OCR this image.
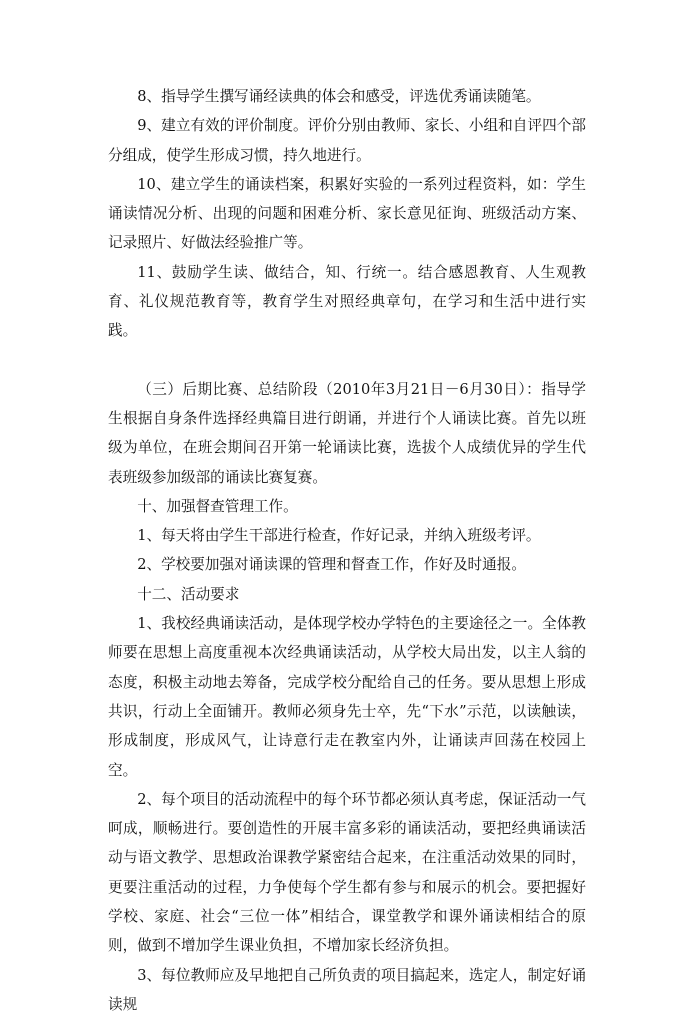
8、指导学生撰写诵经读典的体会和感受，评选优秀诵读随笔。

9、建立有效的评价制度。评价分别由教师、家长、小组和自评四个部分组成，使学生形成习惯，持久地进行。

10、建立学生的诵读档案，积累好实验的一系列过程资料，如：学生诵读情况分析、出现的问题和困难分析、家长意见征询、班级活动方案、记录照片、好做法经验推广等。

11、鼓励学生读、做结合，知、行统一。结合感恩教育、人生观教育、礼仪规范教育等，教育学生对照经典章句，在学习和生活中进行实践。

（三）后期比赛、总结阶段（2010年3月21日－6月30日）：指导学生根据自身条件选择经典篇目进行朗诵，并进行个人诵读比赛。首先以班级为单位，在班会期间召开第一轮诵读比赛，选拔个人成绩优异的学生代表班级参加级部的诵读比赛复赛。

十、加强督查管理工作。

1、每天将由学生干部进行检查，作好记录，并纳入班级考评。

2、学校要加强对诵读课的管理和督查工作，作好及时通报。

十二、活动要求

1、我校经典诵读活动，是体现学校办学特色的主要途径之一。全体教师要在思想上高度重视本次经典诵读活动，从学校大局出发，以主人翁的态度，积极主动地去筹备，完成学校分配给自己的任务。要从思想上形成共识，行动上全面铺开。教师必须身先士卒，先“下水”示范，以读触读，形成制度，形成风气，让诗意行走在教室内外，让诵读声回荡在校园上空。

2、每个项目的活动流程中的每个环节都必须认真考虑，保证活动一气呵成，顺畅进行。要创造性的开展丰富多彩的诵读活动，要把经典诵读活动与语文教学、思想政治课教学紧密结合起来，在注重活动效果的同时，更要注重活动的过程，力争使每个学生都有参与和展示的机会。要把握好学校、家庭、社会“三位一体”相结合，课堂教学和课外诵读相结合的原则，做到不增加学生课业负担，不增加家长经济负担。

3、每位教师应及早地把自己所负责的项目搞起来，选定人，制定好诵读规
